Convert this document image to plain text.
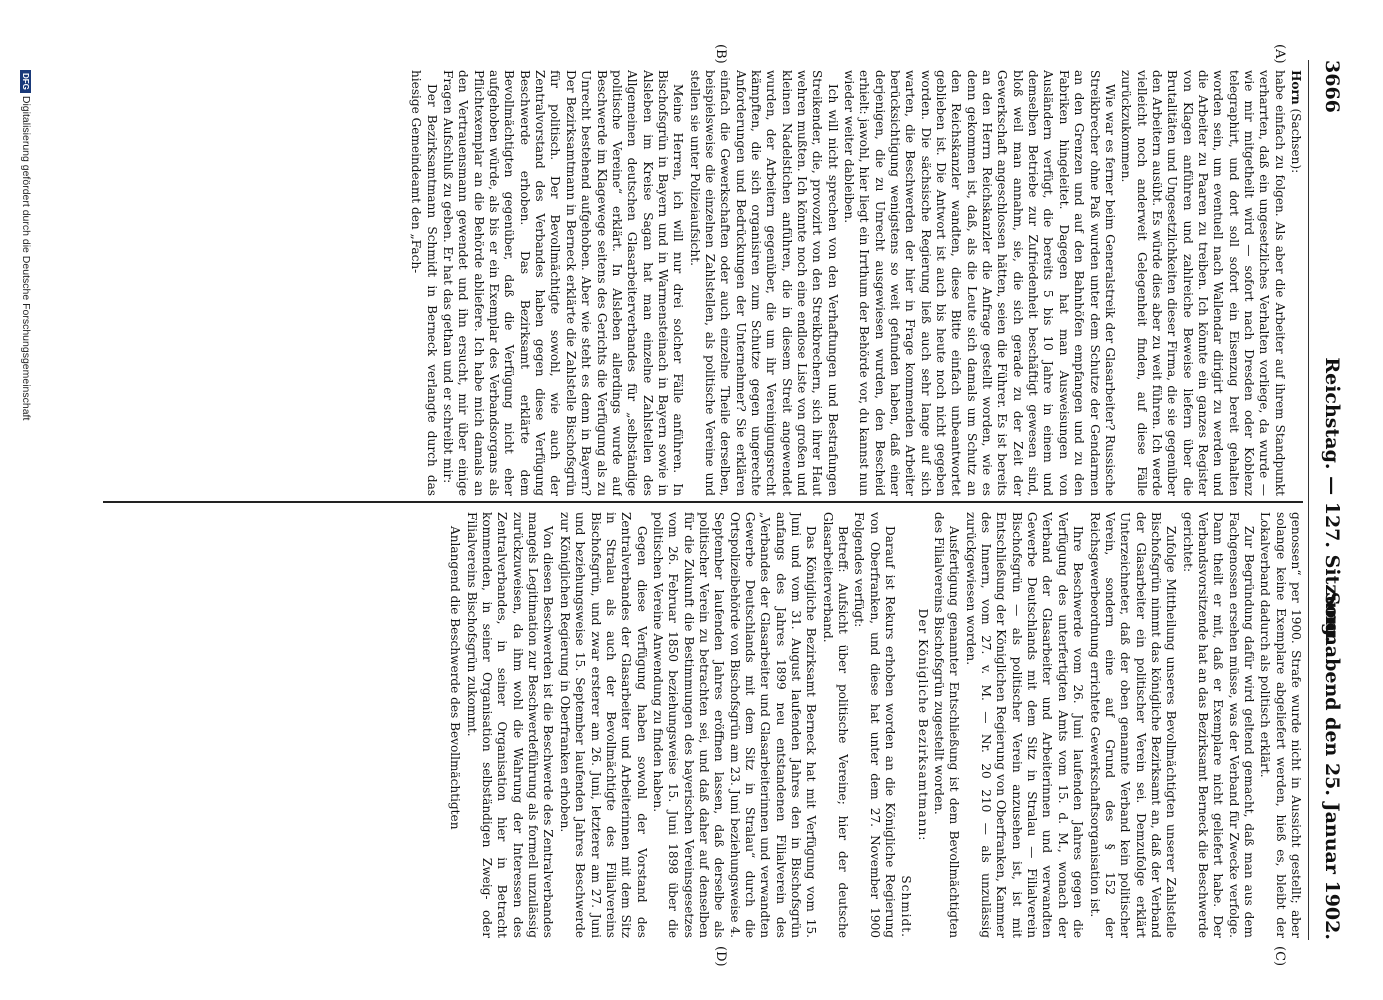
3666
Reichstag. — 127. Sitzung.
Sonnabend den 25. Januar 1902.
(A)
(B)
(C)
(D)

Horn (Sachsen):

habe einfach zu folgen. Als aber die Arbeiter auf ihrem Standpunkt verharrten, daß ein ungesetzliches Verhalten vorliege, da wurde — wie mir mitgetheilt wird — sofort nach Dresden oder Koblenz telegraphirt, und dort soll sofort ein Eisenzug bereit gehalten worden sein, um eventuell nach Wallendar dirigirt zu werden und die Arbeiter zu Paaren zu treiben. Ich könnte ein ganzes Register von Klagen anführen und zahlreiche Beweise liefern über die Brutalitäten und Ungesetzlichkeiten dieser Firma, die sie gegenüber den Arbeitern ausübt. Es würde dies aber zu weit führen. Ich werde vielleicht noch anderweit Gelegenheit finden, auf diese Fälle zurückzukommen.

Wie war es ferner beim Generalstreik der Glasarbeiter? Russische Streikbrecher ohne Paß wurden unter dem Schutze der Gendarmen an den Grenzen und auf den Bahnhöfen empfangen und zu den Fabriken hingeleitet. Dagegen hat man Ausweisungen von Ausländern verfügt, die bereits 5 bis 10 Jahre in einem und demselben Betriebe zur Zufriedenheit beschäftigt gewesen sind, bloß weil man annahm, sie, die sich gerade zu der Zeit der Gewerkschaft angeschlossen hätten, seien die Führer. Es ist bereits an den Herrn Reichskanzler die Anfrage gestellt worden, wie es denn gekommen ist, daß, als die Leute sich damals um Schutz an den Reichskanzler wandten, diese Bitte einfach unbeantwortet geblieben ist. Die Antwort ist auch bis heute noch nicht gegeben worden. Die sächsische Regierung ließ auch sehr lange auf sich warten, die Beschwerden der hier in Frage kommenden Arbeiter berücksichtigung wenigstens so weit gefunden haben, daß einer derjenigen, die zu Unrecht ausgewiesen wurden, den Bescheid erhielt: jawohl, hier liegt ein Irrthum der Behörde vor, du kannst nun wieder weiter dableiben.

Ich will nicht sprechen von den Verhaftungen und Bestrafungen Streikender, die, provozirt von den Streikbrechern, sich ihrer Haut wehren mußten. Ich könnte noch eine endlose Liste von großen und kleinen Nadelstichen anführen, die in diesem Streit angewendet wurden, der Arbeitern gegenüber, die um ihr Vereinigungsrecht kämpften, die sich organisiren zum Schutze gegen ungerechte Anforderungen und Bedrückungen der Unternehmer? Sie erklären einfach die Gewerkschaften oder auch einzelne Theile derselben, beispielsweise die einzelnen Zahlstellen, als politische Vereine und stellen sie unter Polizeiaufsicht.

Meine Herren, ich will nur drei solcher Fälle anführen. In Bischofsgrün in Bayern und in Warmensteinach in Bayern sowie in Alsleben im Kreise Sagan hat man einzelne Zahlstellen des Allgemeinen deutschen Glasarbeiterverbandes für „selbständige politische Vereine“ erklärt. In Alsleben allerdings wurde auf Beschwerde im Klagewege seitens des Gerichts die Verfügung als zu Unrecht bestehend aufgehoben. Aber wie steht es denn in Bayern? Der Bezirksamtmann in Berneck erklärte die Zahlstelle Bischofsgrün für politisch. Der Bevollmächtigte sowohl, wie auch der Zentralvorstand des Verbandes haben gegen diese Verfügung Beschwerde erhoben. Das Bezirksamt erklärte dem Bevollmächtigten gegenüber, daß die Verfügung nicht eher aufgehoben würde, als bis er ein Exemplar des Verbandsorgans als Pflichtexemplar an die Behörde abliefere. Ich habe mich damals an den Vertrauensmann gewendet und ihn ersucht, mir über einige Fragen Aufschluß zu geben. Er hat das gethan und er schreibt mir:

Der Bezirksamtmann Schmidt in Berneck verlangte durch das hiesige Gemeindeamt den „Fach-

genossen“ per 1900. Strafe wurde nicht in Aussicht gestellt; aber solange keine Exemplare abgeliefert werden, hieß es, bleibt der Lokalverband dadurch als politisch erklärt.

Zur Begründung dafür wird geltend gemacht, daß man aus dem Fachgenossen ersehen müsse, was der Verband für Zwecke verfolge. Dann theilt er mit, daß er Exemplare nicht geliefert habe. Der Verbandsvorsitzende hat an das Bezirksamt Berneck die Beschwerde gerichtet:

Zufolge Mittheilung unseres Bevollmächtigten unserer Zahlstelle Bischofsgrün nimmt das königliche Bezirksamt an, daß der Verband der Glasarbeiter ein politischer Verein sei. Demzufolge erklärt Unterzeichneter, daß der oben genannte Verband kein politischer Verein, sondern eine auf Grund des § 152 der Reichsgewerbeordnung errichtete Gewerkschaftsorganisation ist.

Ihre Beschwerde vom 26. Juni laufenden Jahres gegen die Verfügung des unterfertigten Amts vom 15. d. M., wonach der Verband der Glasarbeiter und Arbeiterinnen und verwandten Gewerbe Deutschlands mit dem Sitz in Stralau — Filialverein Bischofsgrün — als politischer Verein anzusehen ist, ist mit Entschließung der Königlichen Regierung von Oberfranken, Kammer des Innern, vom 27. v. M. — Nr. 20 210 — als unzulässig zurückgewiesen worden.

Ausfertigung genannter Entschließung ist dem Bevollmächtigten des Filialvereins Bischofsgrün zugestellt worden.

Der Königliche Bezirksamtmann:

Schmidt.

Darauf ist Rekurs erhoben worden an die Königliche Regierung von Oberfranken, und diese hat unter dem 27. November 1900 Folgendes verfügt:

Betreff: Aufsicht über politische Vereine; hier der deutsche Glasarbeiterverband.

Das Königliche Bezirksamt Berneck hat mit Verfügung vom 15. Juni und vom 31. August laufenden Jahres den in Bischofsgrün anfangs des Jahres 1899 neu entstandenen Filialverein des „Verbandes der Glasarbeiter und Glasarbeiterinnen und verwandten Gewerbe Deutschlands mit dem Sitz in Stralau“ durch die Ortspolizeibehörde von Bischofsgrün am 23. Juni beziehungsweise 4. September laufenden Jahres eröffnen lassen, daß derselbe als politischer Verein zu betrachten sei, und daß daher auf denselben für die Zukunft die Bestimmungen des bayerischen Vereinsgesetzes vom 26. Februar 1850 beziehungsweise 15. Juni 1898 über die politischen Vereine Anwendung zu finden haben.

Gegen diese Verfügung haben sowohl der Vorstand des Zentralverbandes der Glasarbeiter und Arbeiterinnen mit dem Sitz in Stralau als auch der Bevollmächtigte des Filialvereins Bischofsgrün, und zwar ersterer am 26. Juni, letzterer am 27. Juni und beziehungsweise 15. September laufenden Jahres Beschwerde zur Königlichen Regierung in Oberfranken erhoben.

Von diesen Beschwerden ist die Beschwerde des Zentralverbandes mangels Legitimation zur Beschwerdeführung als formell unzulässig zurückzuweisen, da ihm wohl die Wahrung der Interessen des Zentralverbandes, in seiner Organisation hier in Betracht kommenden, in seiner Organisation selbständigen Zweig- oder Filialvereins Bischofsgrün zukommt.

Anlangend die Beschwerde des Bevollmächtigten

DFGDigitalisierung gefördert durch die Deutsche Forschungsgemeinschaft
